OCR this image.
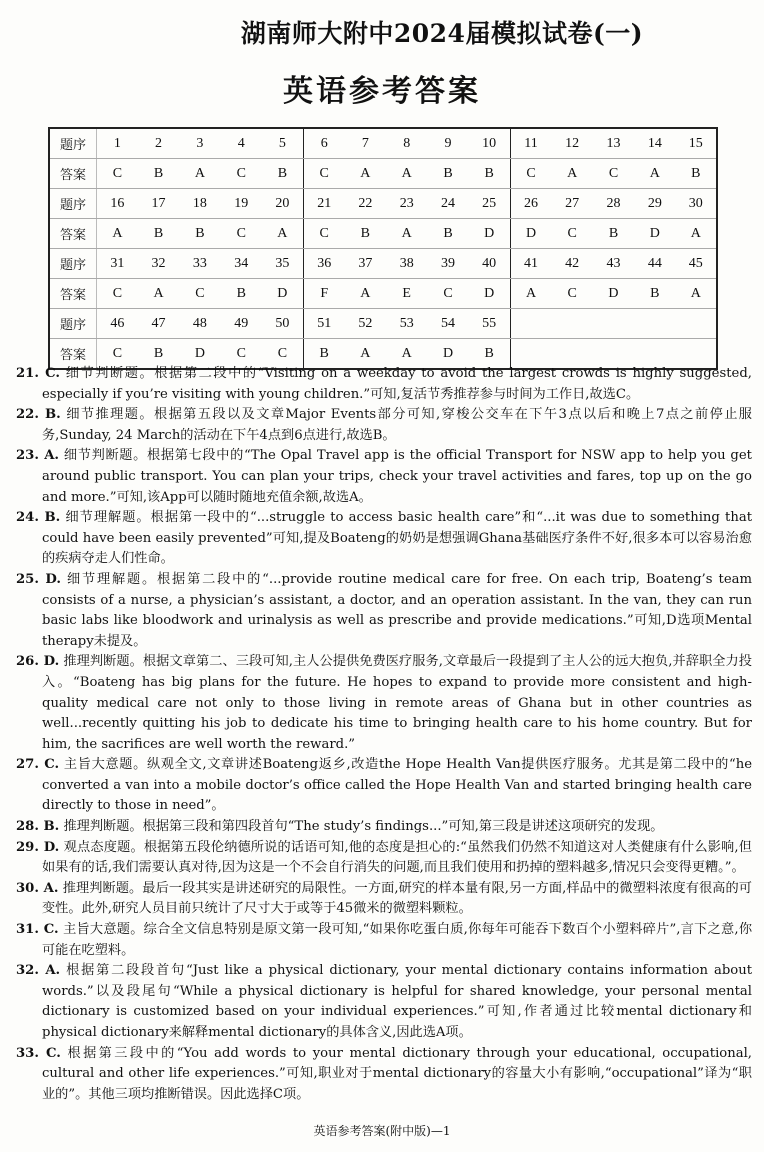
湖南师大附中2024届模拟试卷(一)
英语参考答案
题序	1	2	3	4	5	6	7	8	9	10	11	12	13	14	15
答案	C	B	A	C	B	C	A	A	B	B	C	A	C	A	B
题序	16	17	18	19	20	21	22	23	24	25	26	27	28	29	30
答案	A	B	B	C	A	C	B	A	B	D	D	C	B	D	A
题序	31	32	33	34	35	36	37	38	39	40	41	42	43	44	45
答案	C	A	C	B	D	F	A	E	C	D	A	C	D	B	A
题序	46	47	48	49	50	51	52	53	54	55					
答案	C	B	D	C	C	B	A	A	D	B					
21. C. 细节判断题。根据第二段中的“Visiting on a weekday to avoid the largest crowds is highly suggested, especially if you’re visiting with young children.”可知,复活节秀推荐参与时间为工作日,故选C。
22. B. 细节推理题。根据第五段以及文章Major Events部分可知,穿梭公交车在下午3点以后和晚上7点之前停止服务,Sunday, 24 March的活动在下午4点到6点进行,故选B。
23. A. 细节判断题。根据第七段中的“The Opal Travel app is the official Transport for NSW app to help you get around public transport. You can plan your trips, check your travel activities and fares, top up on the go and more.”可知,该App可以随时随地充值余额,故选A。
24. B. 细节理解题。根据第一段中的“...struggle to access basic health care”和“...it was due to something that could have been easily prevented”可知,提及Boateng的奶奶是想强调Ghana基础医疗条件不好,很多本可以容易治愈的疾病夺走人们性命。
25. D. 细节理解题。根据第二段中的“...provide routine medical care for free. On each trip, Boateng’s team consists of a nurse, a physician’s assistant, a doctor, and an operation assistant. In the van, they can run basic labs like bloodwork and urinalysis as well as prescribe and provide medications.”可知,D选项Mental therapy未提及。
26. D. 推理判断题。根据文章第二、三段可知,主人公提供免费医疗服务,文章最后一段提到了主人公的远大抱负,并辞职全力投入。“Boateng has big plans for the future. He hopes to expand to provide more consistent and high-quality medical care not only to those living in remote areas of Ghana but in other countries as well...recently quitting his job to dedicate his time to bringing health care to his home country. But for him, the sacrifices are well worth the reward.”
27. C. 主旨大意题。纵观全文,文章讲述Boateng返乡,改造the Hope Health Van提供医疗服务。尤其是第二段中的“he converted a van into a mobile doctor’s office called the Hope Health Van and started bringing health care directly to those in need”。
28. B. 推理判断题。根据第三段和第四段首句“The study’s findings...”可知,第三段是讲述这项研究的发现。
29. D. 观点态度题。根据第五段伦纳德所说的话语可知,他的态度是担心的:“虽然我们仍然不知道这对人类健康有什么影响,但如果有的话,我们需要认真对待,因为这是一个不会自行消失的问题,而且我们使用和扔掉的塑料越多,情况只会变得更糟。”。
30. A. 推理判断题。最后一段其实是讲述研究的局限性。一方面,研究的样本量有限,另一方面,样品中的微塑料浓度有很高的可变性。此外,研究人员目前只统计了尺寸大于或等于45微米的微塑料颗粒。
31. C. 主旨大意题。综合全文信息特别是原文第一段可知,“如果你吃蛋白质,你每年可能吞下数百个小塑料碎片”,言下之意,你可能在吃塑料。
32. A. 根据第二段段首句“Just like a physical dictionary, your mental dictionary contains information about words.”以及段尾句“While a physical dictionary is helpful for shared knowledge, your personal mental dictionary is customized based on your individual experiences.”可知,作者通过比较mental dictionary和physical dictionary来解释mental dictionary的具体含义,因此选A项。
33. C. 根据第三段中的“You add words to your mental dictionary through your educational, occupational, cultural and other life experiences.”可知,职业对于mental dictionary的容量大小有影响,“occupational”译为“职业的”。其他三项均推断错误。因此选择C项。
英语参考答案(附中版)—1
